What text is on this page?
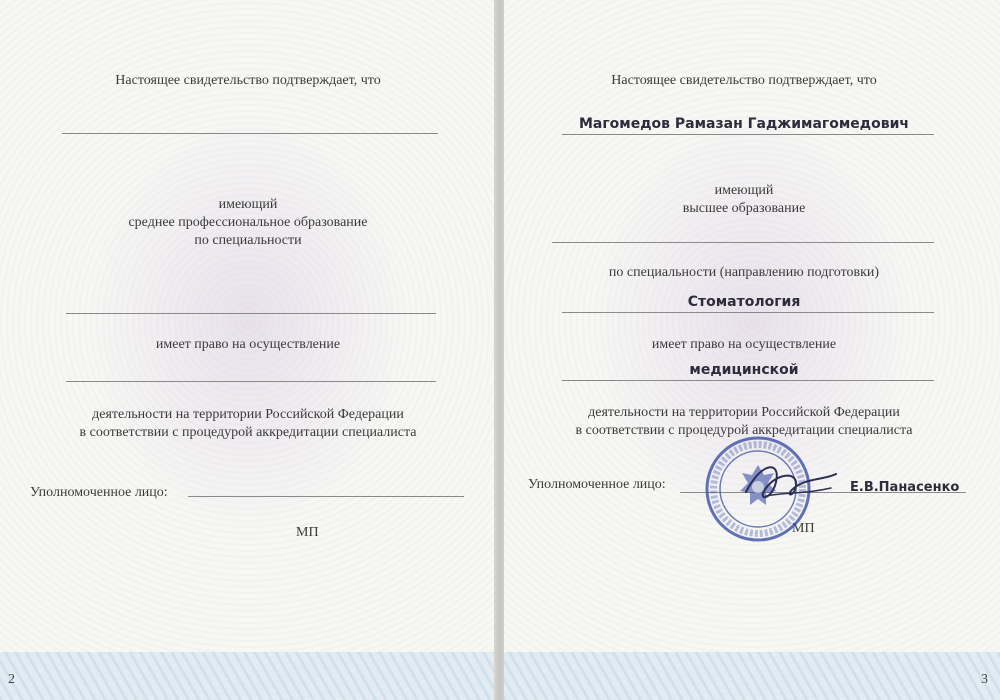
Настоящее свидетельство подтверждает, что
имеющий
среднее профессиональное образование
по специальности
имеет право на осуществление
деятельности на территории Российской Федерации
в соответствии с процедурой аккредитации специалиста
Уполномоченное лицо:
МП
2
Настоящее свидетельство подтверждает, что
Магомедов Рамазан Гаджимагомедович
имеющий
высшее образование
по специальности (направлению подготовки)
Стоматология
имеет право на осуществление
медицинской
деятельности на территории Российской Федерации
в соответствии с процедурой аккредитации специалиста
Уполномоченное лицо:	Е.В.Панасенко
МП
3
